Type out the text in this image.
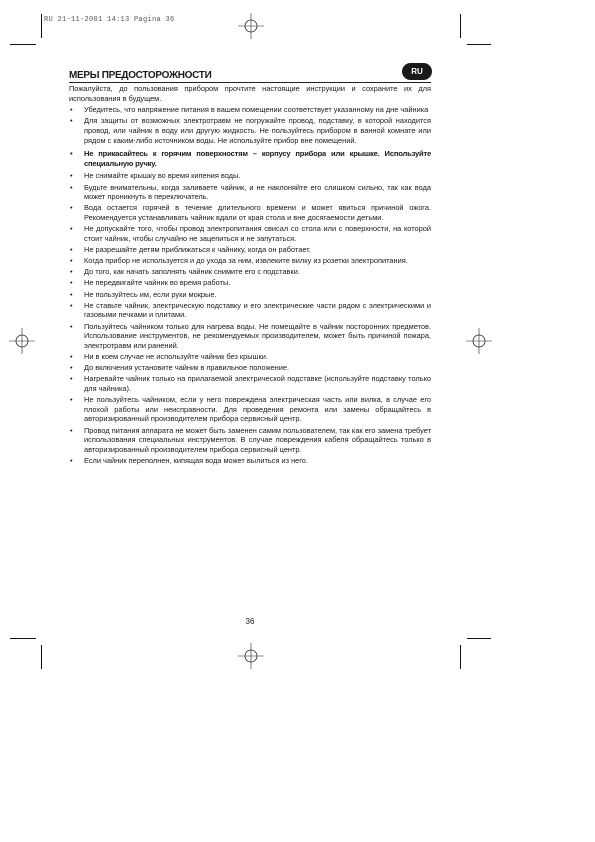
RU 21-11-2001 14:13 Pagina 36
МЕРЫ ПРЕДОСТОРОЖНОСТИ	RU

Пожалуйста, до пользования прибором прочтите настоящие инструкции и сохраните их для использования в будущем.

• Убедитесь, что напряжение питания в вашем помещении соответствует указанному на дне чайника
• Для защиты от возможных электротравм не погружайте провод, подставку, в которой находится провод, или чайник в воду или другую жидкость. Не пользуйтесь прибором в ванной комнате или рядом с каким-либо источником воды. Не используйте прибор вне помещений.
• Не прикасайтесь к горячим поверхностям – корпусу прибора или крышке. Используйте специальную ручку.
• Не снимайте крышку во время кипения воды.
• Будьте внимательны, когда заливаете чайник, и не наклоняйте его слишком сильно, так как вода может проникнуть в переключатель.
• Вода остается горячей в течение длительного времени и может явиться причиной ожога. Рекомендуется устанавливать чайник вдали от края стола и вне досягаемости детьми.
• Не допускайте того, чтобы провод электропитания свисал со стола или с поверхности, на которой стоит чайник, чтобы случайно не зацепиться и не запутаться.
• Не разрешайте детям приближаться к чайнику, когда он работает.
• Когда прибор не используется и до ухода за ним, извлеките вилку из розетки электропитания.
• До того, как начать заполнять чайник снимите его с подставки.
• Не передвигайте чайник во время работы.
• Не пользуйтесь им, если руки мокрые.
• Не ставьте чайник, электрическую подставку и его электрические части рядом с электрическими и газовыми печками и плитами.
• Пользуйтесь чайником только для нагрева воды. Не помещайте в чайник посторонних предметов. Использование инструментов, не рекомендуемых производителем, может быть причиной пожара, электротравм или ранений.
• Ни в коем случае не используйте чайник без крышки.
• До включения установите чайник в правильное положение.
• Нагревайте чайник только на прилагаемой электрической подставке (используйте подставку только для чайника).
• Не пользуйтесь чайником, если у него повреждена электрическая часть или вилка, в случае его плохой работы или неисправности. Для проведения ремонта или замены обращайтесь в авторизированный производителем прибора сервисный центр.
• Провод питания аппарата не может быть заменен самим пользователем, так как его замена требует использования специальных инструментов. В случае повреждения кабеля обращайтесь только в авторизированный производителем прибора сервисный центр.
• Если чайник переполнен, кипящая вода может вылиться из него.
36
